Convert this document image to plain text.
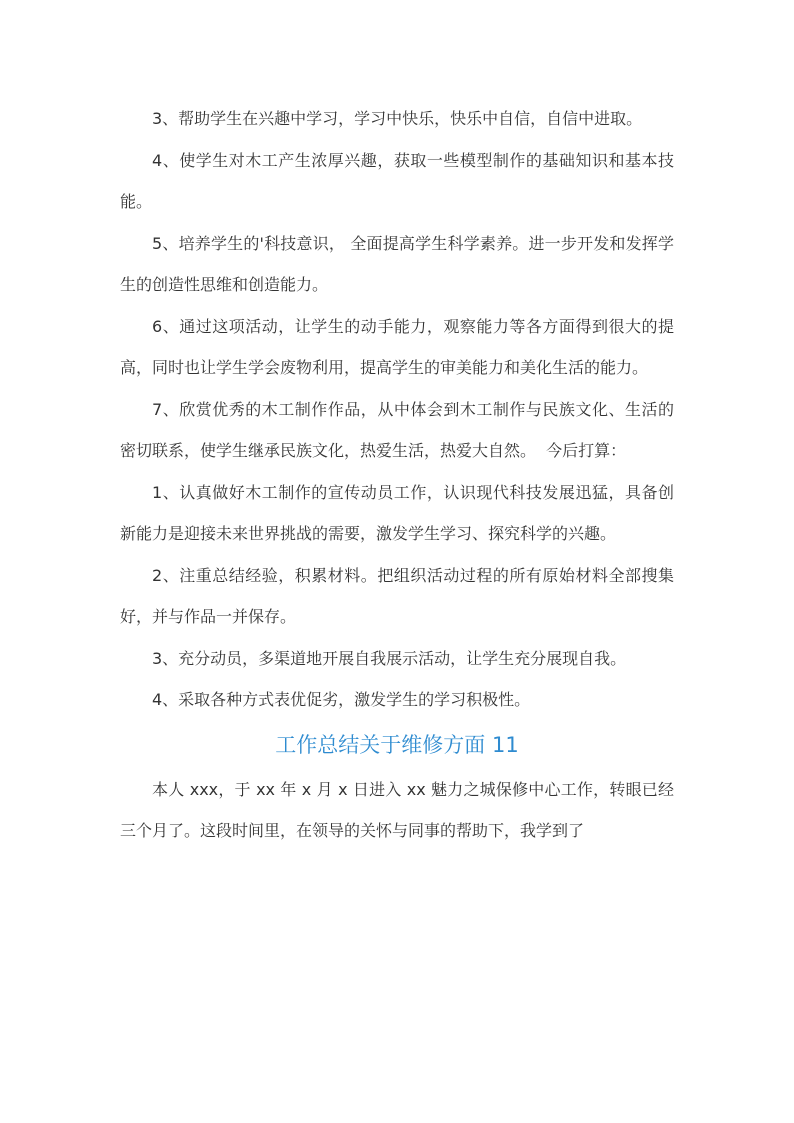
3、帮助学生在兴趣中学习，学习中快乐，快乐中自信，自信中进取。

4、使学生对木工产生浓厚兴趣，获取一些模型制作的基础知识和基本技能。

5、培养学生的'科技意识， 全面提高学生科学素养。进一步开发和发挥学生的创造性思维和创造能力。

6、通过这项活动，让学生的动手能力，观察能力等各方面得到很大的提高，同时也让学生学会废物利用，提高学生的审美能力和美化生活的能力。

7、欣赏优秀的木工制作作品，从中体会到木工制作与民族文化、生活的密切联系，使学生继承民族文化，热爱生活，热爱大自然。  今后打算：

1、认真做好木工制作的宣传动员工作，认识现代科技发展迅猛，具备创新能力是迎接未来世界挑战的需要，激发学生学习、探究科学的兴趣。

2、注重总结经验，积累材料。把组织活动过程的所有原始材料全部搜集好，并与作品一并保存。

3、充分动员，多渠道地开展自我展示活动，让学生充分展现自我。

4、采取各种方式表优促劣，激发学生的学习积极性。

工作总结关于维修方面 11

本人 xxx，于 xx 年 x 月 x 日进入 xx 魅力之城保修中心工作，转眼已经三个月了。这段时间里，在领导的关怀与同事的帮助下，我学到了
